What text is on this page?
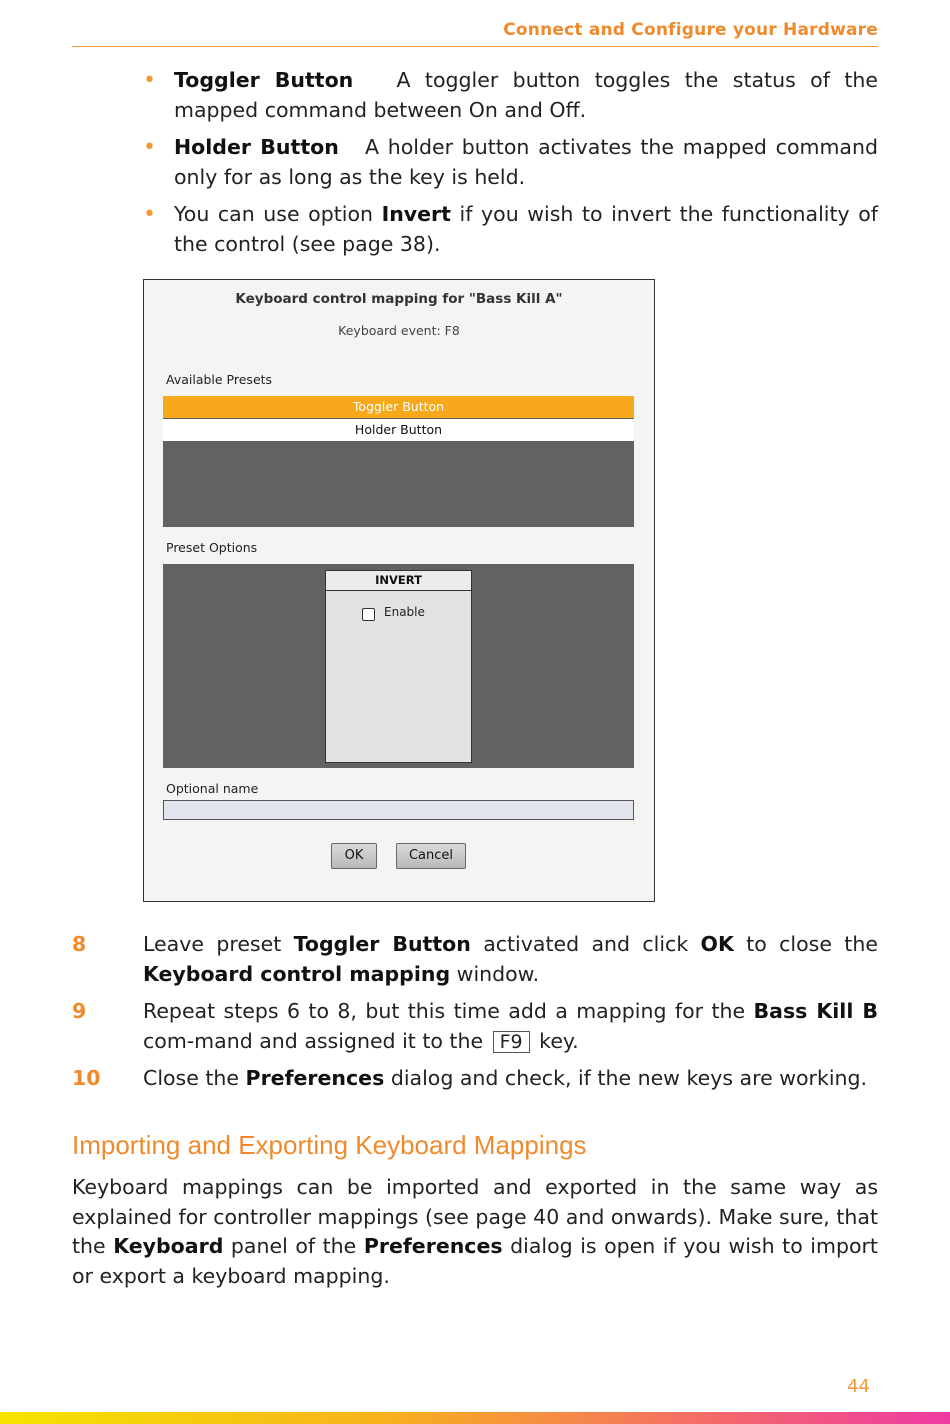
Connect and Configure your Hardware
• Toggler Button A toggler button toggles the status of the mapped command between On and Off.
• Holder Button A holder button activates the mapped command only for as long as the key is held.
• You can use option Invert if you wish to invert the functionality of the control (see page 38).
Keyboard control mapping for "Bass Kill A"
Keyboard event: F8
Available Presets
Toggler Button
Holder Button
Preset Options
INVERT
Enable
Optional name
OK	Cancel
8	Leave preset Toggler Button activated and click OK to close the Keyboard control mapping window.
9	Repeat steps 6 to 8, but this time add a mapping for the Bass Kill B com-mand and assigned it to the F9 key.
10 Close the Preferences dialog and check, if the new keys are working.
Importing and Exporting Keyboard Mappings
Keyboard mappings can be imported and exported in the same way as explained for controller mappings (see page 40 and onwards). Make sure, that the Keyboard panel of the Preferences dialog is open if you wish to import or export a keyboard mapping.
44
